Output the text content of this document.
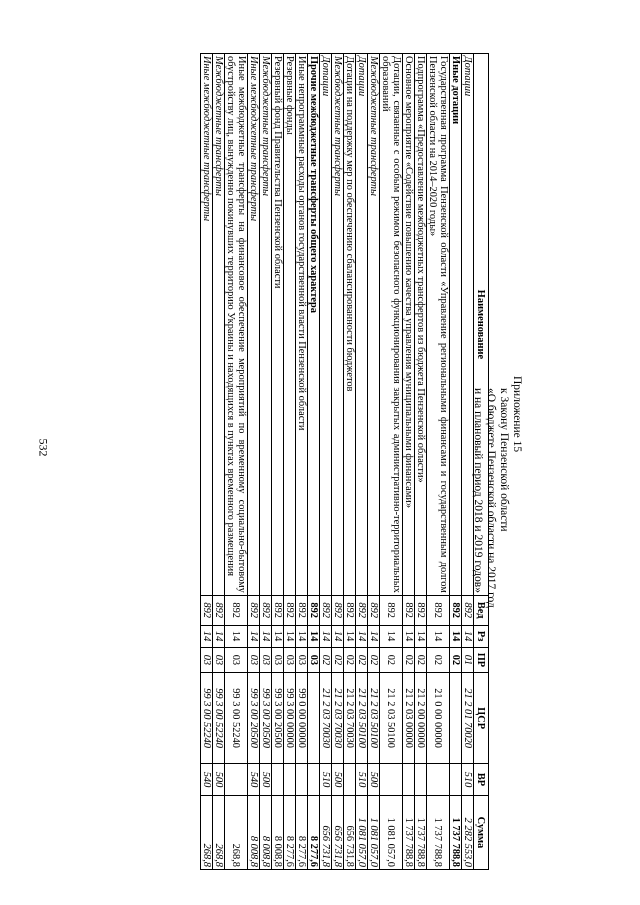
532
Наименование	Вед	Рз	ПР	ЦСР	ВР	Сумма
Дотации	892	14	01	21 2 01 70020	510	2 282 553,0
Иные дотации	892	14	02			1 737 788,8
Государственная программа Пензенской области «Управление региональными финансами и государственным долгом Пензенской области на 2014–2020 годы»	892	14	02	21 0 00 00000		1 737 788,8
Подпрограмма «Предоставление межбюджетных трансфертов из бюджета Пензенской области»	892	14	02	21 2 00 00000		1 737 788,8
Основное мероприятие «Содействие повышению качества управления муниципальными финансами»	892	14	02	21 2 03 00000		1 737 788,8
Дотации, связанные с особым режимом безопасного функционирования закрытых административно-территориальных образований	892	14	02	21 2 03 50100		1 081 057,0
Межбюджетные трансферты	892	14	02	21 2 03 50100	500	1 081 057,0
Дотации	892	14	02	21 2 03 50100	510	1 081 057,0
Дотации на поддержку мер по обеспечению сбалансированности бюджетов	892	14	02	21 2 03 70030		656 731,8
Межбюджетные трансферты	892	14	02	21 2 03 70030	500	656 731,8
Дотации	892	14	02	21 2 03 70030	510	656 731,8
Прочие межбюджетные трансферты общего характера	892	14	03			8 277,6
Иные непрограммные расходы органов государственной власти Пензенской области	892	14	03	99 0 00 00000		8 277,6
Резервные фонды	892	14	03	99 3 00 00000		8 277,6
Резервный фонд Правительства Пензенской области	892	14	03	99 3 00 20500		8 008,8
Межбюджетные трансферты	892	14	03	99 3 00 20500	500	8 008,8
Иные межбюджетные трансферты	892	14	03	99 3 00 20500	540	8 008,8
Иные межбюджетные трансферты на финансовое обеспечение мероприятий по временному социально-бытовому обустройству лиц, вынужденно покинувших территорию Украины и находящихся в пунктах временного размещения	892	14	03	99 3 00 52240		268,8
Межбюджетные трансферты	892	14	03	99 3 00 52240	500	268,8
Иные межбюджетные трансферты	892	14	03	99 3 00 52240	540	268,8
Приложение 15
к Закону Пензенской области
«О бюджете Пензенской области на 2017 год
и на плановый период 2018 и 2019 годов»
